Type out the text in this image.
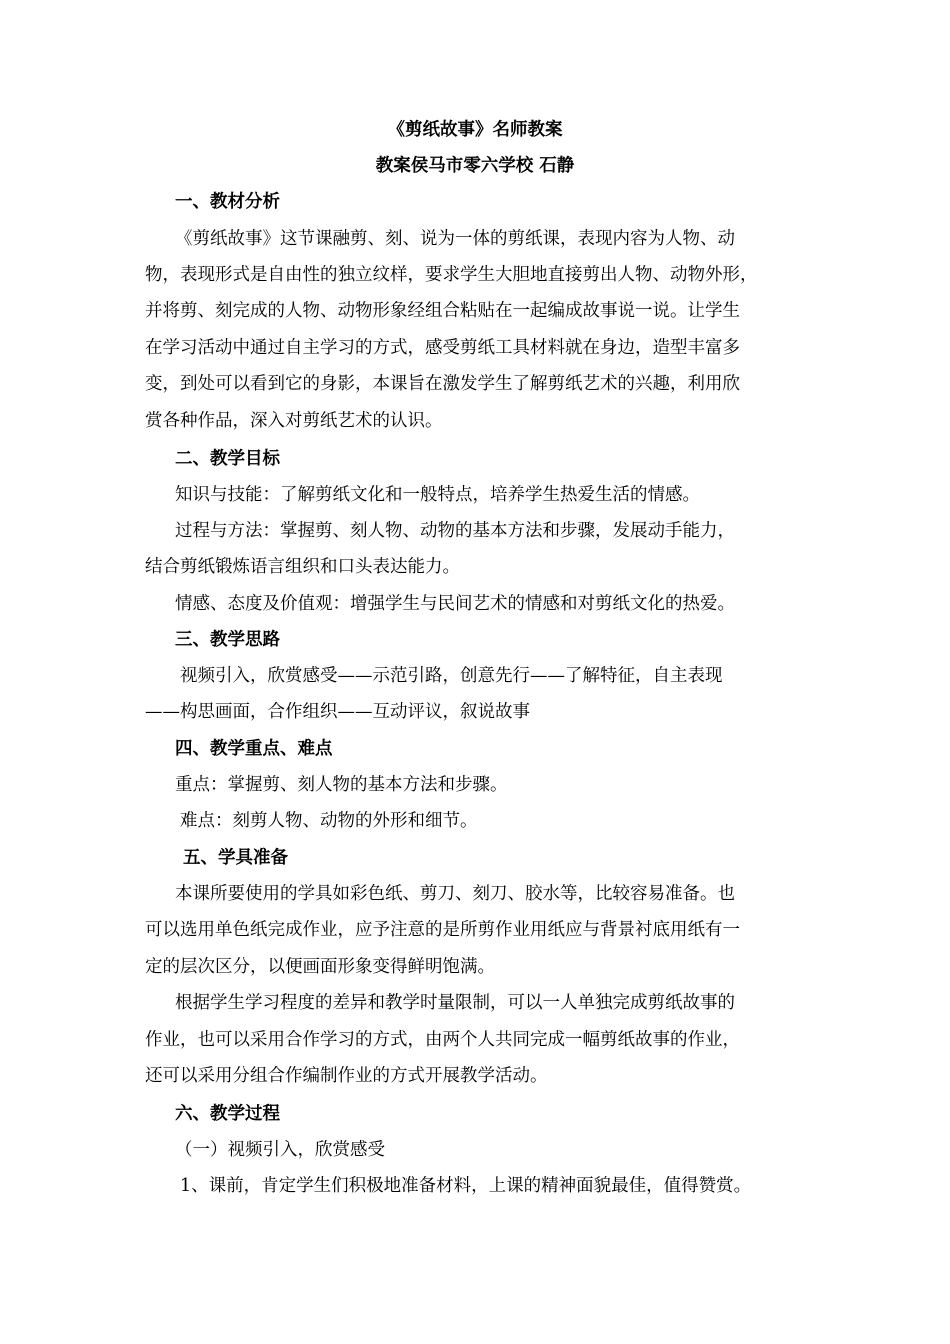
《剪纸故事》名师教案
教案侯马市零六学校 石静
一、教材分析
《剪纸故事》这节课融剪、刻、说为一体的剪纸课，表现内容为人物、动
物，表现形式是自由性的独立纹样，要求学生大胆地直接剪出人物、动物外形，
并将剪、刻完成的人物、动物形象经组合粘贴在一起编成故事说一说。让学生
在学习活动中通过自主学习的方式，感受剪纸工具材料就在身边，造型丰富多
变，到处可以看到它的身影，本课旨在激发学生了解剪纸艺术的兴趣，利用欣
赏各种作品，深入对剪纸艺术的认识。
二、教学目标
知识与技能：了解剪纸文化和一般特点，培养学生热爱生活的情感。
过程与方法：掌握剪、刻人物、动物的基本方法和步骤，发展动手能力，
结合剪纸锻炼语言组织和口头表达能力。
情感、态度及价值观：增强学生与民间艺术的情感和对剪纸文化的热爱。
三、教学思路
视频引入，欣赏感受——示范引路，创意先行——了解特征，自主表现
——构思画面，合作组织——互动评议，叙说故事
四、教学重点、难点
重点：掌握剪、刻人物的基本方法和步骤。
难点：刻剪人物、动物的外形和细节。
五、学具准备
本课所要使用的学具如彩色纸、剪刀、刻刀、胶水等，比较容易准备。也
可以选用单色纸完成作业，应予注意的是所剪作业用纸应与背景衬底用纸有一
定的层次区分，以便画面形象变得鲜明饱满。
根据学生学习程度的差异和教学时量限制，可以一人单独完成剪纸故事的
作业，也可以采用合作学习的方式，由两个人共同完成一幅剪纸故事的作业，
还可以采用分组合作编制作业的方式开展教学活动。
六、教学过程
（一）视频引入，欣赏感受
1、课前，肯定学生们积极地准备材料，上课的精神面貌最佳，值得赞赏。
